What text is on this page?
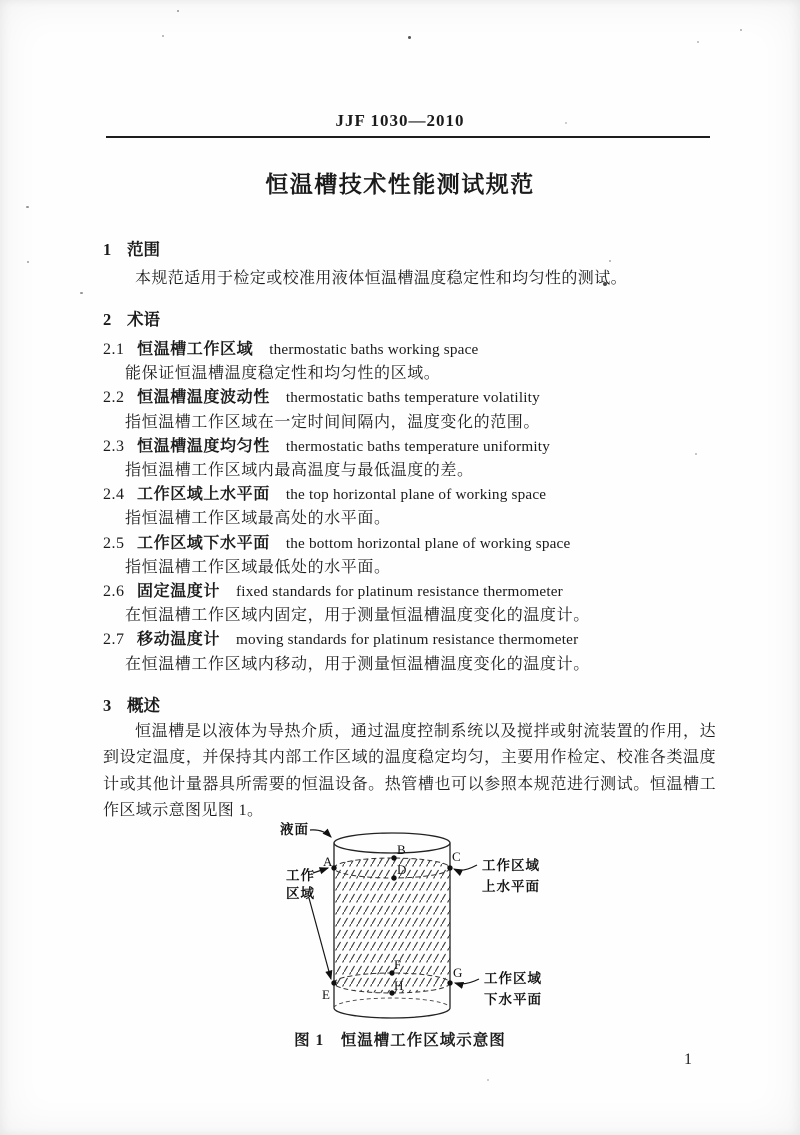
JJF 1030—2010
恒温槽技术性能测试规范
1 范围

本规范适用于检定或校准用液体恒温槽温度稳定性和均匀性的测试。

2 术语
2.1 恒温槽工作区域 thermostatic baths working space
能保证恒温槽温度稳定性和均匀性的区域。
2.2 恒温槽温度波动性 thermostatic baths temperature volatility
指恒温槽工作区域在一定时间间隔内，温度变化的范围。
2.3 恒温槽温度均匀性 thermostatic baths temperature uniformity
指恒温槽工作区域内最高温度与最低温度的差。
2.4 工作区域上水平面 the top horizontal plane of working space
指恒温槽工作区域最高处的水平面。
2.5 工作区域下水平面 the bottom horizontal plane of working space
指恒温槽工作区域最低处的水平面。
2.6 固定温度计 fixed standards for platinum resistance thermometer
在恒温槽工作区域内固定，用于测量恒温槽温度变化的温度计。
2.7 移动温度计 moving standards for platinum resistance thermometer
在恒温槽工作区域内移动，用于测量恒温槽温度变化的温度计。
3 概述

恒温槽是以液体为导热介质，通过温度控制系统以及搅拌或射流装置的作用，达到设定温度，并保持其内部工作区域的温度稳定均匀，主要用作检定、校准各类温度计或其他计量器具所需要的恒温设备。热管槽也可以参照本规范进行测试。恒温槽工作区域示意图见图 1。

A
B	C
D
E
F
G
H
液面
工作
区域
工作区域
上水平面
工作区域
下水平面
图 1　恒温槽工作区域示意图
1
